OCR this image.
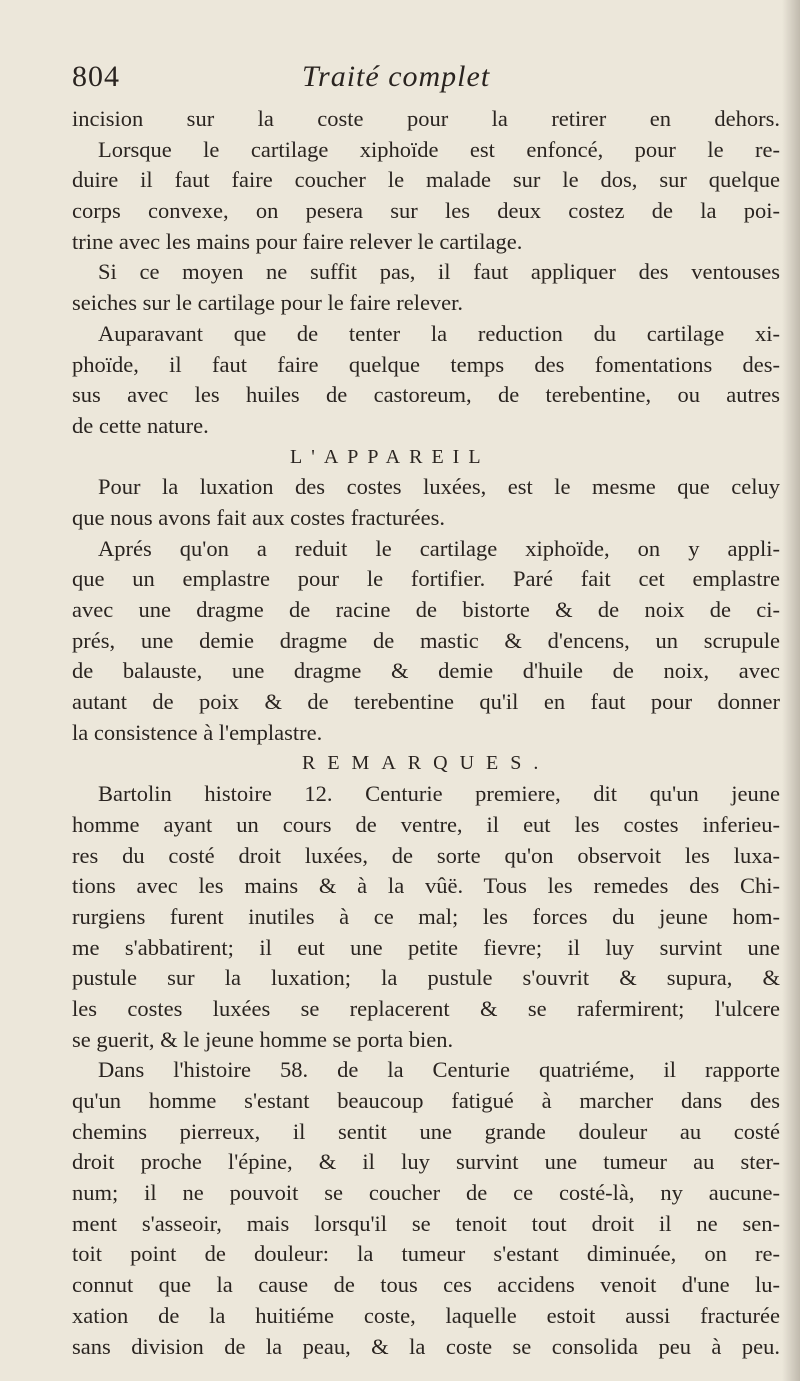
804	Traité complet
incision sur la coste pour la retirer en dehors.
Lorsque le cartilage xiphoïde est enfoncé, pour le re-
duire il faut faire coucher le malade sur le dos, sur quelque
corps convexe, on pesera sur les deux costez de la poi-
trine avec les mains pour faire relever le cartilage.
Si ce moyen ne suffit pas, il faut appliquer des ventouses
seiches sur le cartilage pour le faire relever.
Auparavant que de tenter la reduction du cartilage xi-
phoïde, il faut faire quelque temps des fomentations des-
sus avec les huiles de castoreum, de terebentine, ou autres
de cette nature.
L'APPAREIL
Pour la luxation des costes luxées, est le mesme que celuy
que nous avons fait aux costes fracturées.
Aprés qu'on a reduit le cartilage xiphoïde, on y appli-
que un emplastre pour le fortifier. Paré fait cet emplastre
avec une dragme de racine de bistorte & de noix de ci-
prés, une demie dragme de mastic & d'encens, un scrupule
de balauste, une dragme & demie d'huile de noix, avec
autant de poix & de terebentine qu'il en faut pour donner
la consistence à l'emplastre.
REMARQUES.
Bartolin histoire 12. Centurie premiere, dit qu'un jeune
homme ayant un cours de ventre, il eut les costes inferieu-
res du costé droit luxées, de sorte qu'on observoit les luxa-
tions avec les mains & à la vûë. Tous les remedes des Chi-
rurgiens furent inutiles à ce mal; les forces du jeune hom-
me s'abbatirent; il eut une petite fievre; il luy survint une
pustule sur la luxation; la pustule s'ouvrit & supura, &
les costes luxées se replacerent & se rafermirent; l'ulcere
se guerit, & le jeune homme se porta bien.
Dans l'histoire 58. de la Centurie quatriéme, il rapporte
qu'un homme s'estant beaucoup fatigué à marcher dans des
chemins pierreux, il sentit une grande douleur au costé
droit proche l'épine, & il luy survint une tumeur au ster-
num; il ne pouvoit se coucher de ce costé-là, ny aucune-
ment s'asseoir, mais lorsqu'il se tenoit tout droit il ne sen-
toit point de douleur: la tumeur s'estant diminuée, on re-
connut que la cause de tous ces accidens venoit d'une lu-
xation de la huitiéme coste, laquelle estoit aussi fracturée
sans division de la peau, & la coste se consolida peu à peu.
